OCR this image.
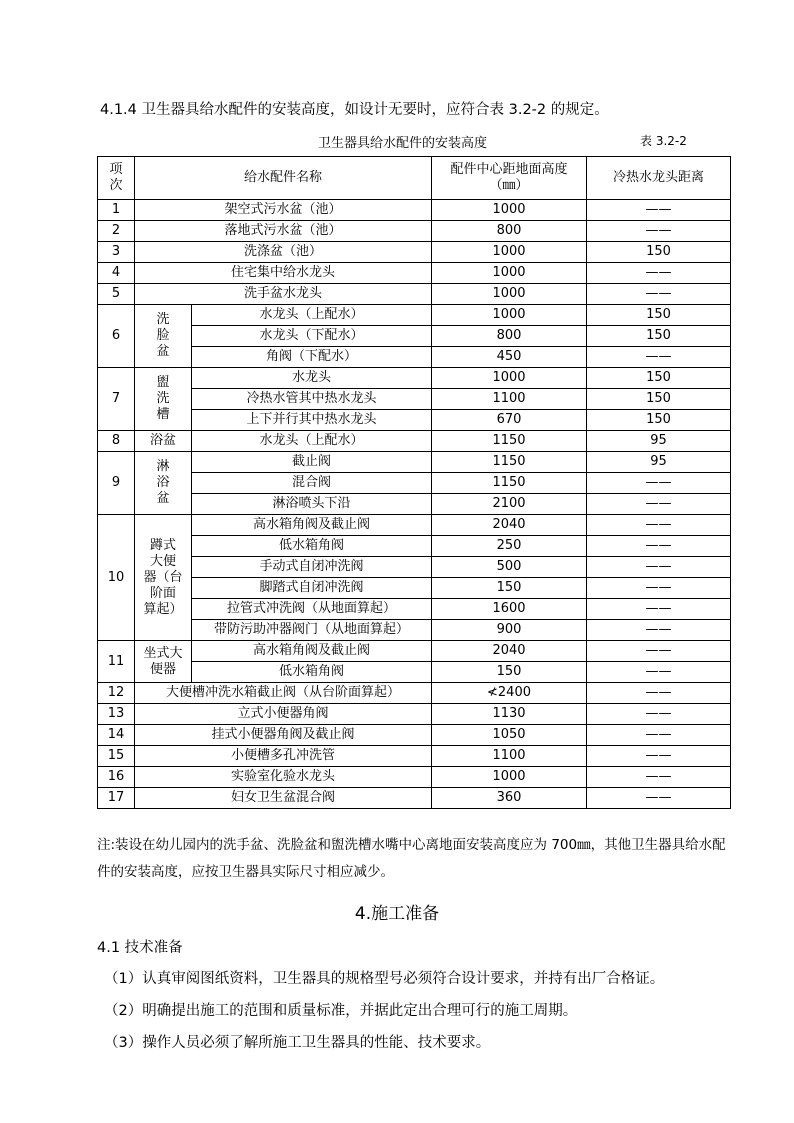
4.1.4 卫生器具给水配件的安装高度，如设计无要时，应符合表 3.2-2 的规定。
卫生器具给水配件的安装高度	表 3.2-2
项
次	给水配件名称		配件中心距地面高度
（㎜）	冷热水龙头距离
1	架空式污水盆（池）		1000	——
2	落地式污水盆（池）		800	——
3	洗涤盆（池）		1000	150
4	住宅集中给水龙头		1000	——
5	洗手盆水龙头		1000	——
6	洗
脸
盆	水龙头（上配水）	1000	150
		水龙头（下配水）	800	150
		角阀（下配水）	450	——
7	盥
洗
槽	水龙头	1000	150
		冷热水管其中热水龙头	1100	150
		上下并行其中热水龙头	670	150
8	浴盆	水龙头（上配水）	1150	95
9	淋
浴
盆	截止阀	1150	95
		混合阀	1150	——
		淋浴喷头下沿	2100	——
10	蹲式
大便
器（台
阶面
算起）	高水箱角阀及截止阀	2040	——
		低水箱角阀	250	——
		手动式自闭冲洗阀	500	——
		脚踏式自闭冲洗阀	150	——
		拉管式冲洗阀（从地面算起）	1600	——
		带防污助冲器阀门（从地面算起）	900	——
11	坐式大
便器	高水箱角阀及截止阀	2040	——
		低水箱角阀	150	——
12	大便槽冲洗水箱截止阀（从台阶面算起）		≮2400	——
13	立式小便器角阀		1130	——
14	挂式小便器角阀及截止阀		1050	——
15	小便槽多孔冲洗管		1100	——
16	实验室化验水龙头		1000	——
17	妇女卫生盆混合阀		360	——
注:装设在幼儿园内的洗手盆、洗脸盆和盥洗槽水嘴中心离地面安装高度应为 700㎜，其他卫生器具给水配件的安装高度，应按卫生器具实际尺寸相应减少。
4.施工准备
4.1 技术准备
（1）认真审阅图纸资料，卫生器具的规格型号必须符合设计要求，并持有出厂合格证。
（2）明确提出施工的范围和质量标准，并据此定出合理可行的施工周期。
（3）操作人员必须了解所施工卫生器具的性能、技术要求。
